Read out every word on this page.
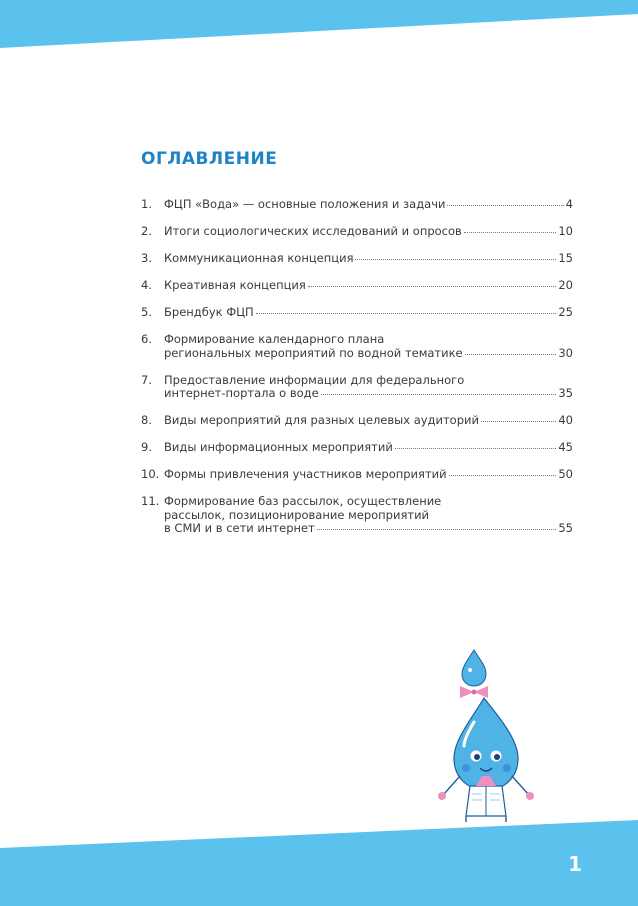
ОГЛАВЛЕНИЕ
1.	ФЦП «Вода» — основные положения и задачи	4
2.	Итоги социологических исследований и опросов	10
3.	Коммуникационная концепция	15
4.	Креативная концепция	20
5.	Брендбук ФЦП	25
6.	Формирование календарного плана
региональных мероприятий по водной тематике	30
7.	Предоставление информации для федерального
интернет-портала о воде	35
8.	Виды мероприятий для разных целевых аудиторий	40
9.	Виды информационных мероприятий	45
10. Формы привлечения участников мероприятий	50
11. Формирование баз рассылок, осуществление
рассылок, позиционирование мероприятий
в СМИ и в сети интернет	55
1
